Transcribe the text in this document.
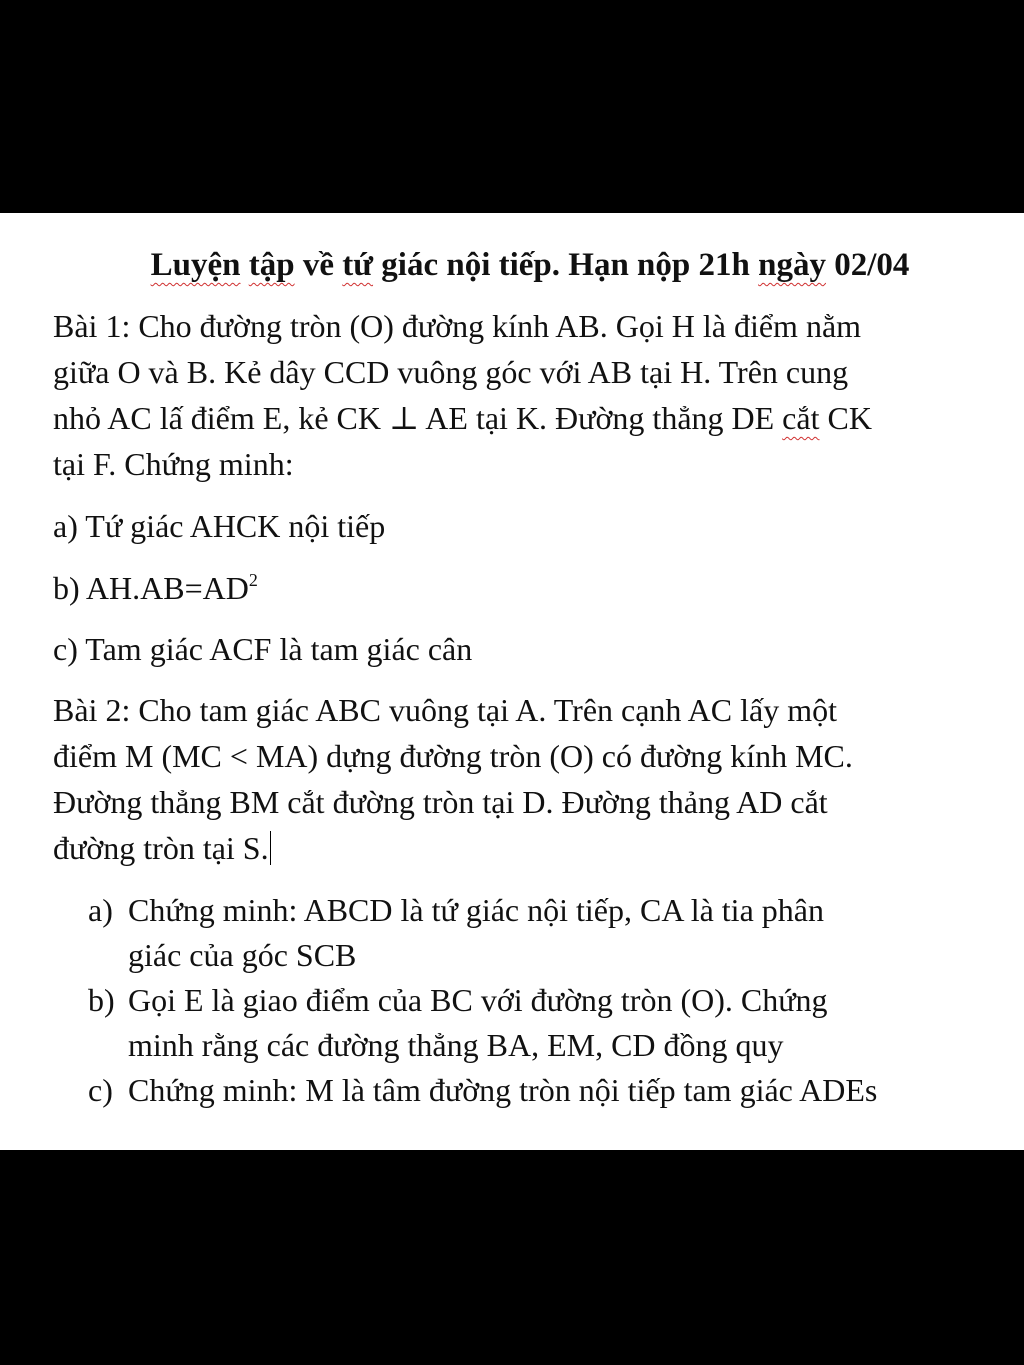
Luyện tập về tứ giác nội tiếp. Hạn nộp 21h ngày 02/04
Bài 1: Cho đường tròn (O) đường kính AB. Gọi H là điểm nằm
giữa O và B. Kẻ dây CCD vuông góc với AB tại H. Trên cung
nhỏ AC lấ điểm E, kẻ CK ⊥ AE tại K. Đường thẳng DE cắt CK
tại F. Chứng minh:
a) Tứ giác AHCK nội tiếp
b) $AH.AB=AD^2$
c) Tam giác ACF là tam giác cân
Bài 2: Cho tam giác ABC vuông tại A. Trên cạnh AC lấy một
điểm M (MC < MA) dựng đường tròn (O) có đường kính MC.
Đường thẳng BM cắt đường tròn tại D. Đường thảng AD cắt
đường tròn tại S.
a) Chứng minh: ABCD là tứ giác nội tiếp, CA là tia phân
giác của góc SCB
b) Gọi E là giao điểm của BC với đường tròn (O). Chứng
minh rằng các đường thẳng BA, EM, CD đồng quy
c) Chứng minh: M là tâm đường tròn nội tiếp tam giác ADEs
